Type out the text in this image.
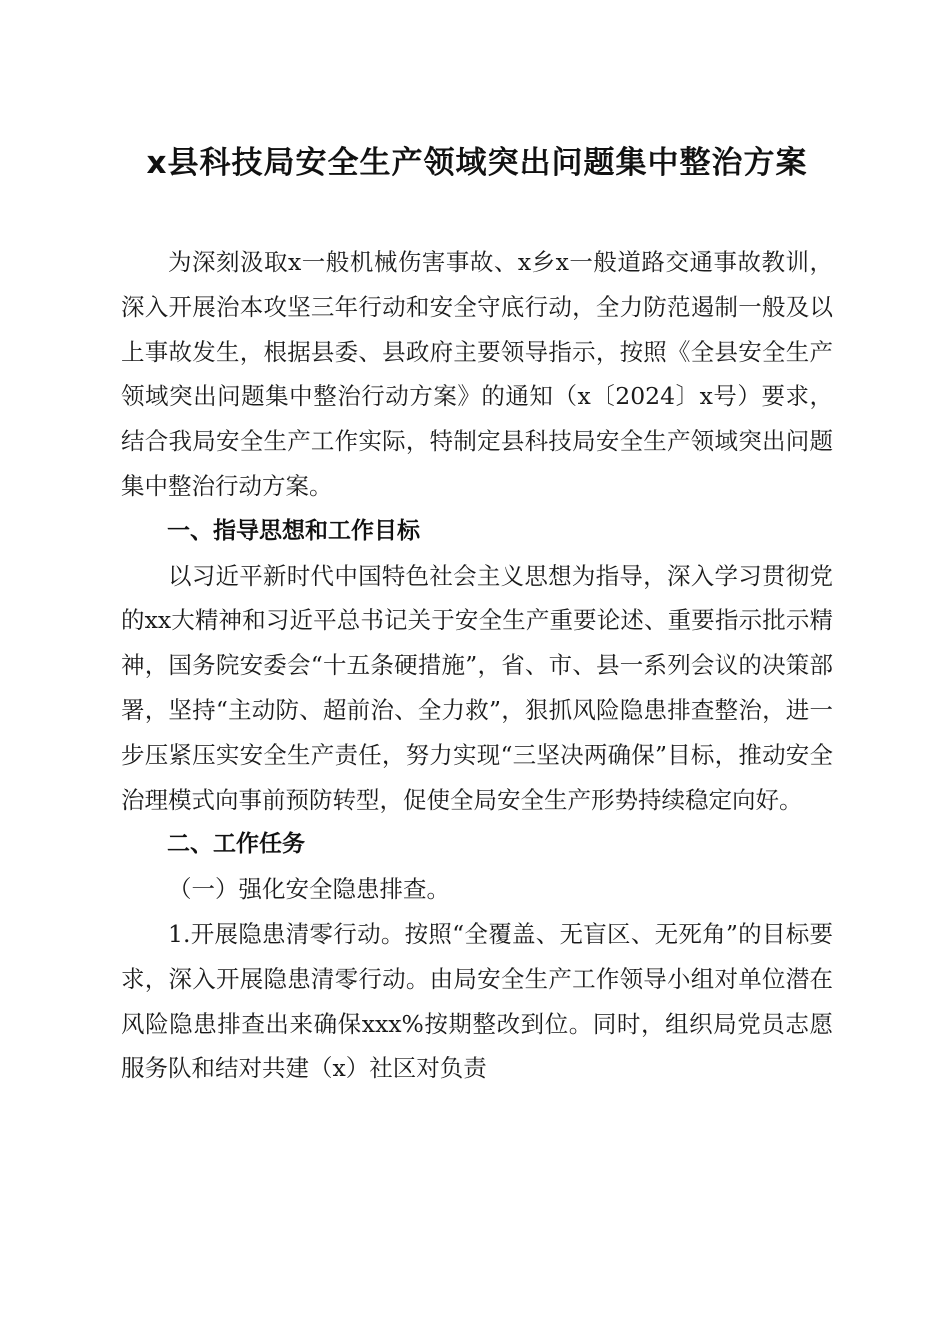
x县科技局安全生产领域突出问题集中整治方案

为深刻汲取x一般机械伤害事故、x乡x一般道路交通事故教训，深入开展治本攻坚三年行动和安全守底行动，全力防范遏制一般及以上事故发生，根据县委、县政府主要领导指示，按照《全县安全生产领域突出问题集中整治行动方案》的通知（x〔2024〕x号）要求，结合我局安全生产工作实际，特制定县科技局安全生产领域突出问题集中整治行动方案。

一、指导思想和工作目标

以习近平新时代中国特色社会主义思想为指导，深入学习贯彻党的xx大精神和习近平总书记关于安全生产重要论述、重要指示批示精神，国务院安委会“十五条硬措施”，省、市、县一系列会议的决策部署，坚持“主动防、超前治、全力救”，狠抓风险隐患排查整治，进一步压紧压实安全生产责任，努力实现“三坚决两确保”目标，推动安全治理模式向事前预防转型，促使全局安全生产形势持续稳定向好。

二、工作任务

（一）强化安全隐患排查。

1.开展隐患清零行动。按照“全覆盖、无盲区、无死角”的目标要求，深入开展隐患清零行动。由局安全生产工作领导小组对单位潜在风险隐患排查出来确保xxx%按期整改到位。同时，组织局党员志愿服务队和结对共建（x）社区对负责
